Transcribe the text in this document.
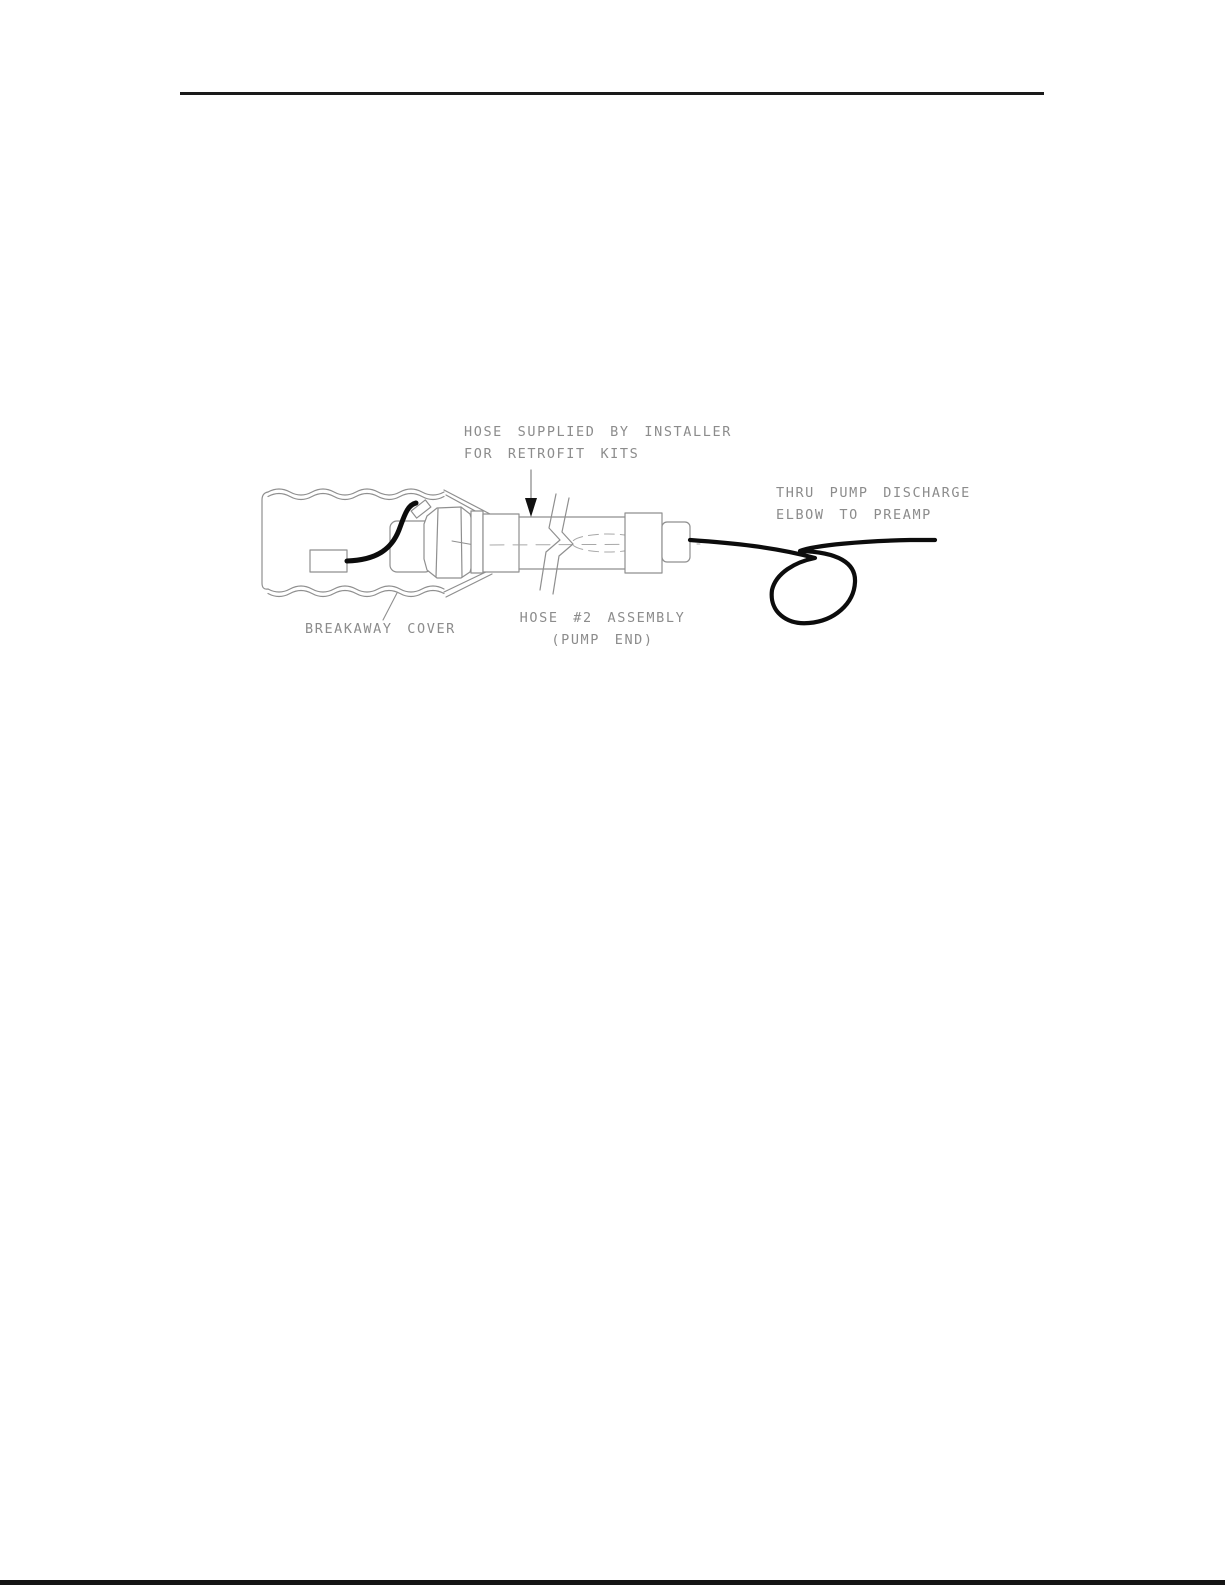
HOSE SUPPLIED BY INSTALLER
FOR RETROFIT KITS
THRU PUMP DISCHARGE
ELBOW TO PREAMP
BREAKAWAY COVER
HOSE #2 ASSEMBLY
(PUMP END)
